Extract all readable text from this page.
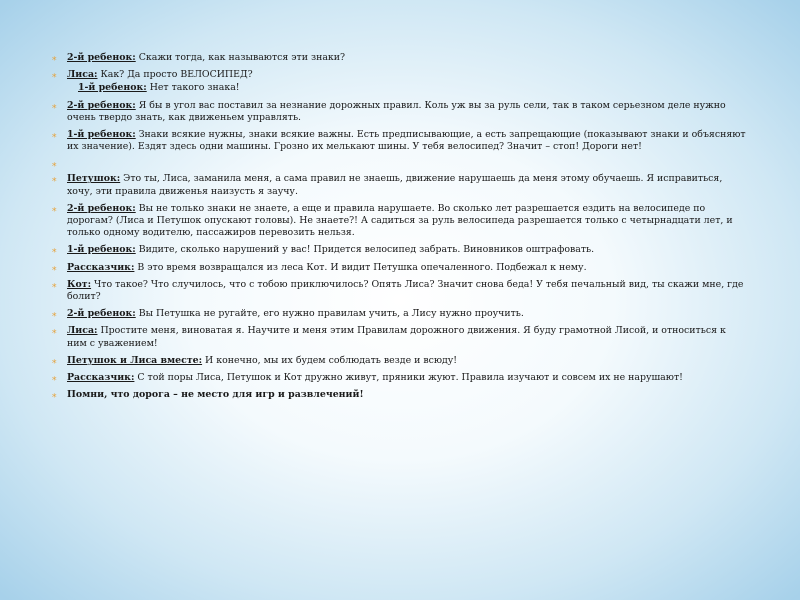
⁎ 2-й ребенок: Скажи тогда, как называются эти знаки?
⁎ Лиса: Как? Да просто ВЕЛОСИПЕД?
1-й ребенок: Нет такого знака!
⁎ 2-й ребенок: Я бы в угол вас поставил за незнание дорожных правил. Коль уж вы за руль сели, так в таком серьезном деле нужно очень твердо знать, как движеньем управлять.
⁎ 1-й ребенок: Знаки всякие нужны, знаки всякие важны. Есть предписывающие, а есть запрещающие (показывают знаки и объясняют их значение). Ездят здесь одни машины. Грозно их мелькают шины. У тебя велосипед? Значит – стоп! Дороги нет!
⁎
⁎ Петушок: Это ты, Лиса, заманила меня, а сама правил не знаешь, движение нарушаешь да меня этому обучаешь. Я исправиться, хочу, эти правила движенья наизусть я заучу.
⁎ 2-й ребенок: Вы не только знаки не знаете, а еще и правила нарушаете. Во сколько лет разрешается ездить на велосипеде по дорогам? (Лиса и Петушок опускают головы). Не знаете?! А садиться за руль велосипеда разрешается только с четырнадцати лет, и только одному водителю, пассажиров перевозить нельзя.
⁎ 1-й ребенок: Видите, сколько нарушений у вас! Придется велосипед забрать. Виновников оштрафовать.
⁎ Рассказчик: В это время возвращался из леса Кот. И видит Петушка опечаленного. Подбежал к нему.
⁎ Кот: Что такое? Что случилось, что с тобою приключилось? Опять Лиса? Значит снова беда! У тебя печальный вид, ты скажи мне, где болит?
⁎ 2-й ребенок: Вы Петушка не ругайте, его нужно правилам учить, а Лису нужно проучить.
⁎ Лиса: Простите меня, виноватая я. Научите и меня этим Правилам дорожного движения. Я буду грамотной Лисой, и относиться к ним с уважением!
⁎ Петушок и Лиса вместе: И конечно, мы их будем соблюдать везде и всюду!
⁎ Рассказчик: С той поры Лиса, Петушок и Кот дружно живут, пряники жуют. Правила изучают и совсем их не нарушают!
⁎ Помни, что дорога – не место для игр и развлечений!
